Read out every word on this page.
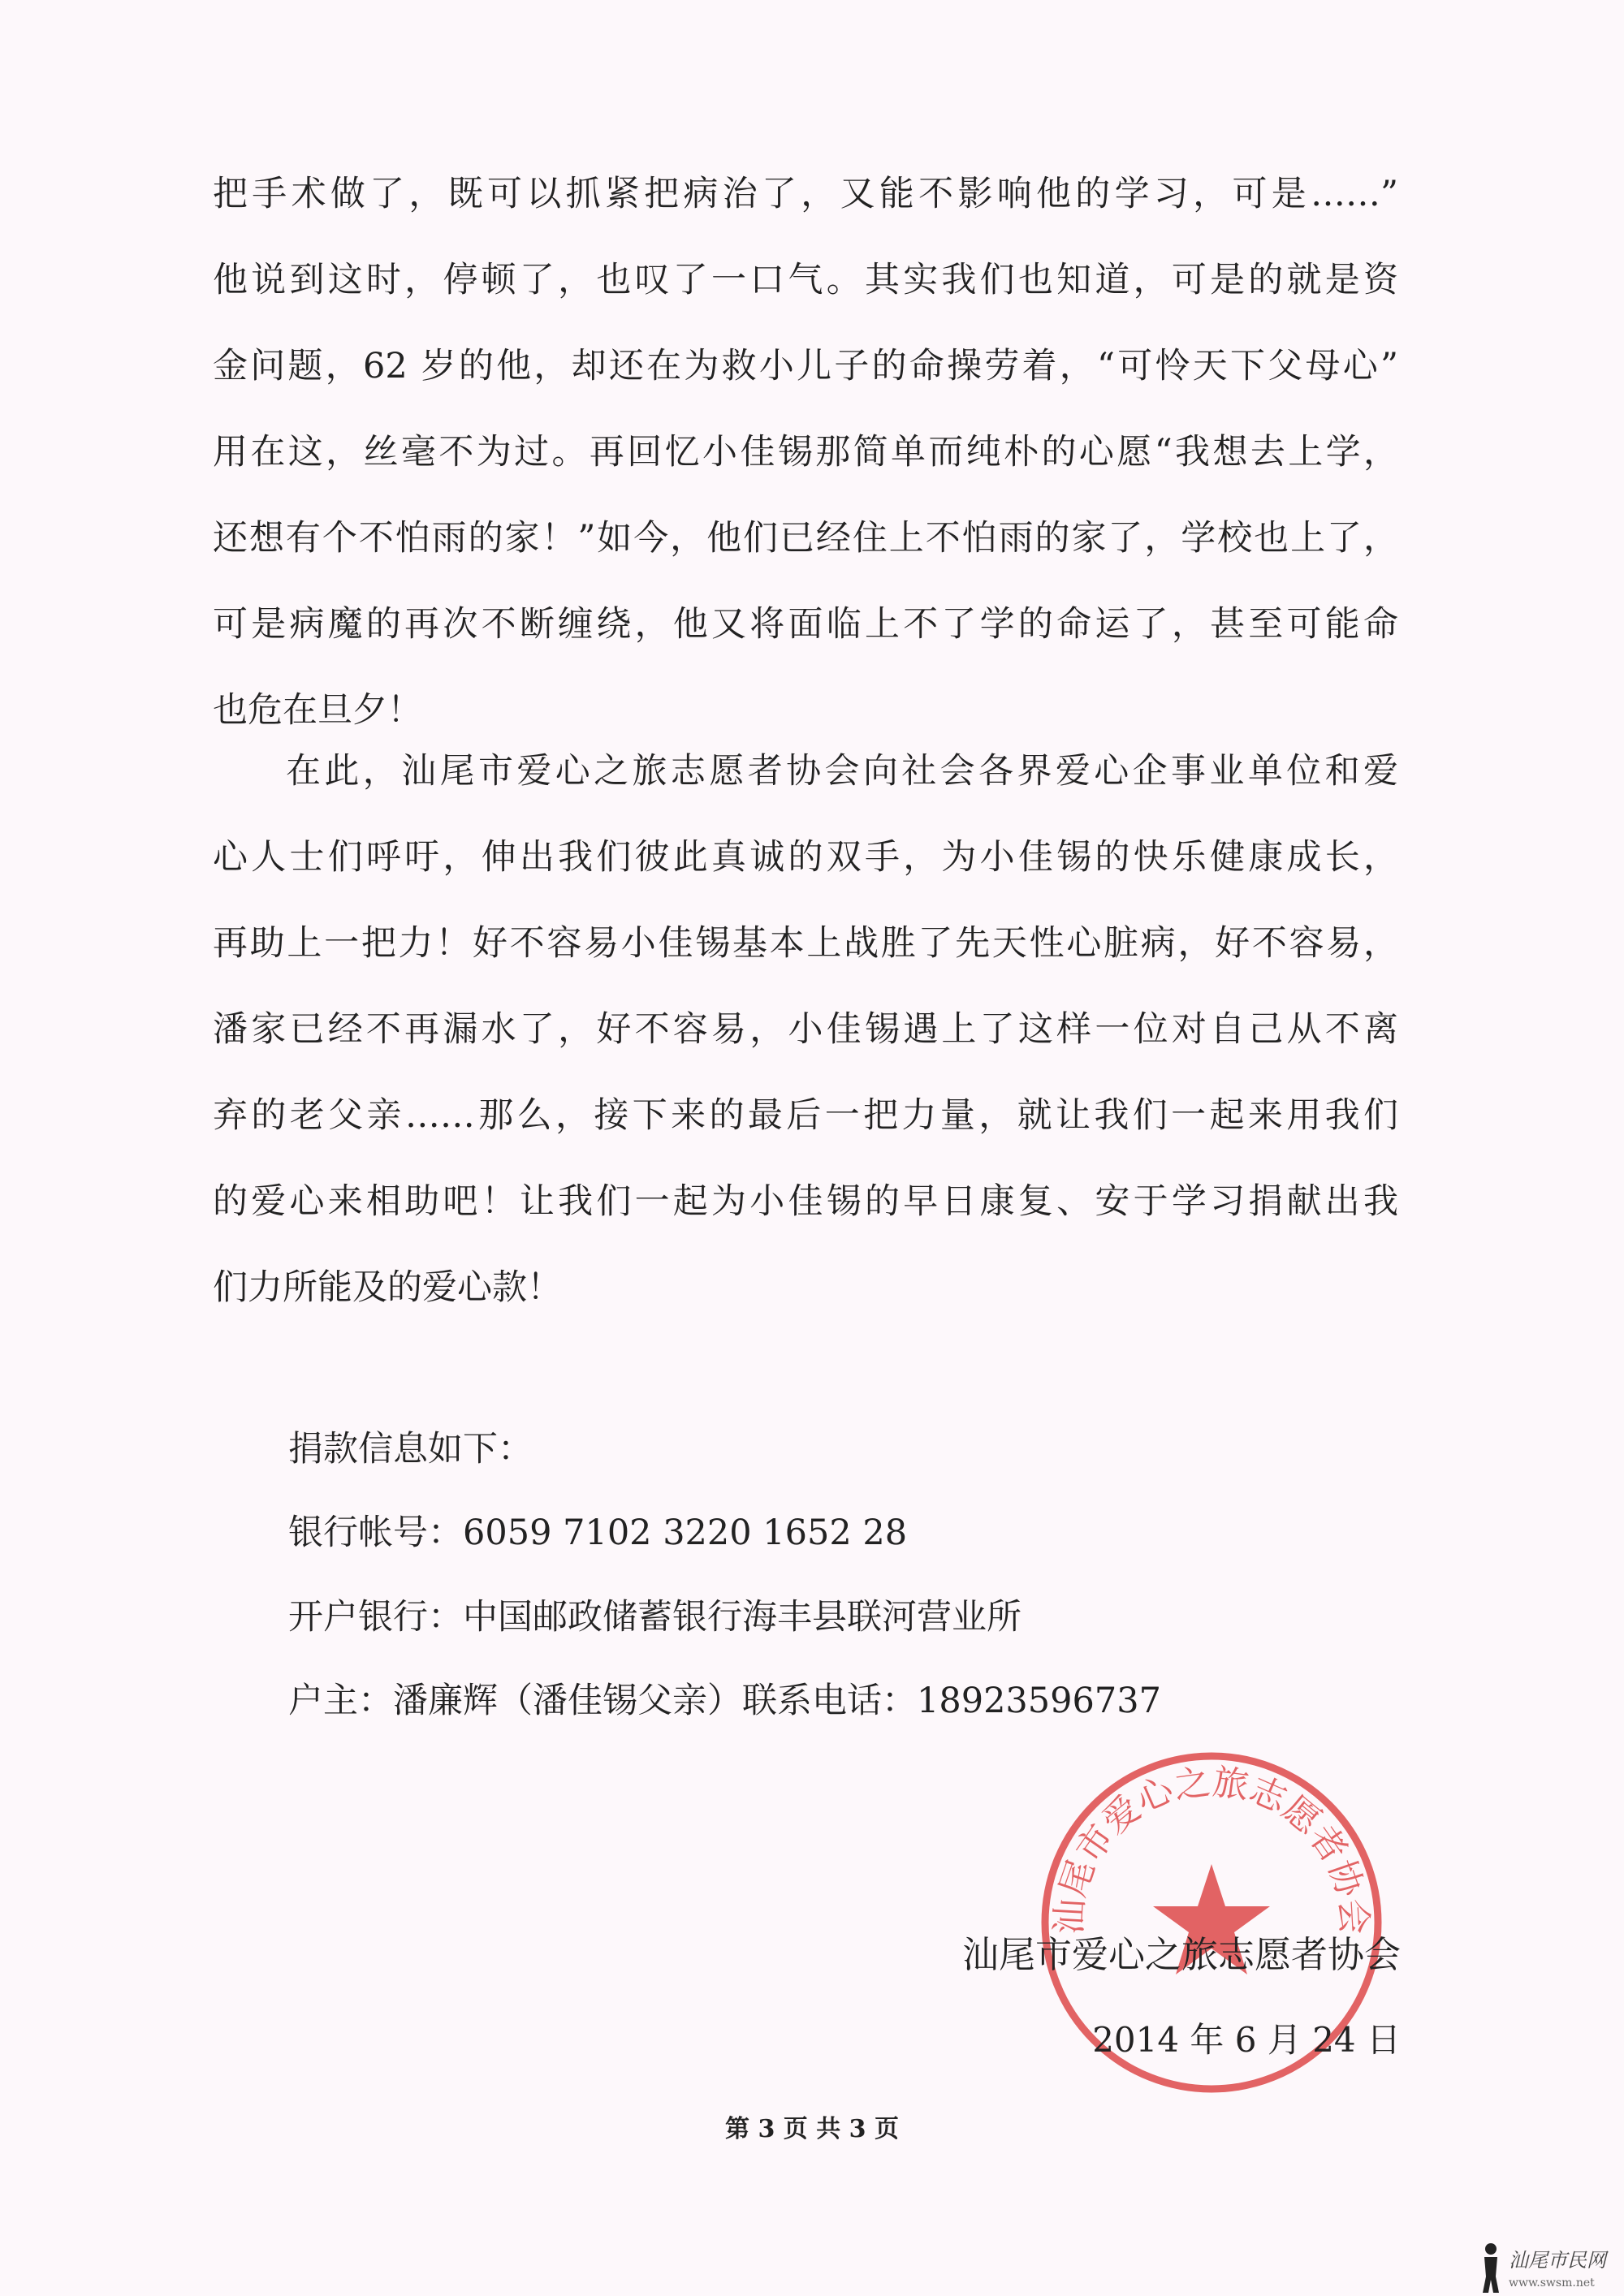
把手术做了，既可以抓紧把病治了，又能不影响他的学习，可是……”
他说到这时，停顿了，也叹了一口气。其实我们也知道，可是的就是资
金问题，62 岁的他，却还在为救小儿子的命操劳着，“可怜天下父母心”
用在这，丝毫不为过。再回忆小佳锡那简单而纯朴的心愿“我想去上学，
还想有个不怕雨的家！”如今，他们已经住上不怕雨的家了，学校也上了，
可是病魔的再次不断缠绕，他又将面临上不了学的命运了，甚至可能命
也危在旦夕！

在此，汕尾市爱心之旅志愿者协会向社会各界爱心企事业单位和爱
心人士们呼吁，伸出我们彼此真诚的双手，为小佳锡的快乐健康成长，
再助上一把力！好不容易小佳锡基本上战胜了先天性心脏病，好不容易，
潘家已经不再漏水了，好不容易，小佳锡遇上了这样一位对自己从不离
弃的老父亲……那么，接下来的最后一把力量，就让我们一起来用我们
的爱心来相助吧！让我们一起为小佳锡的早日康复、安于学习捐献出我
们力所能及的爱心款！

捐款信息如下：
银行帐号：6059 7102 3220 1652 28
开户银行：中国邮政储蓄银行海丰县联河营业所
户主：潘廉辉（潘佳锡父亲）联系电话：18923596737
汕尾市爱心之旅志愿者协会
汕尾市爱心之旅志愿者协会
2014 年 6 月 24 日
第 3 页 共 3 页
汕尾市民网
www.swsm.net
